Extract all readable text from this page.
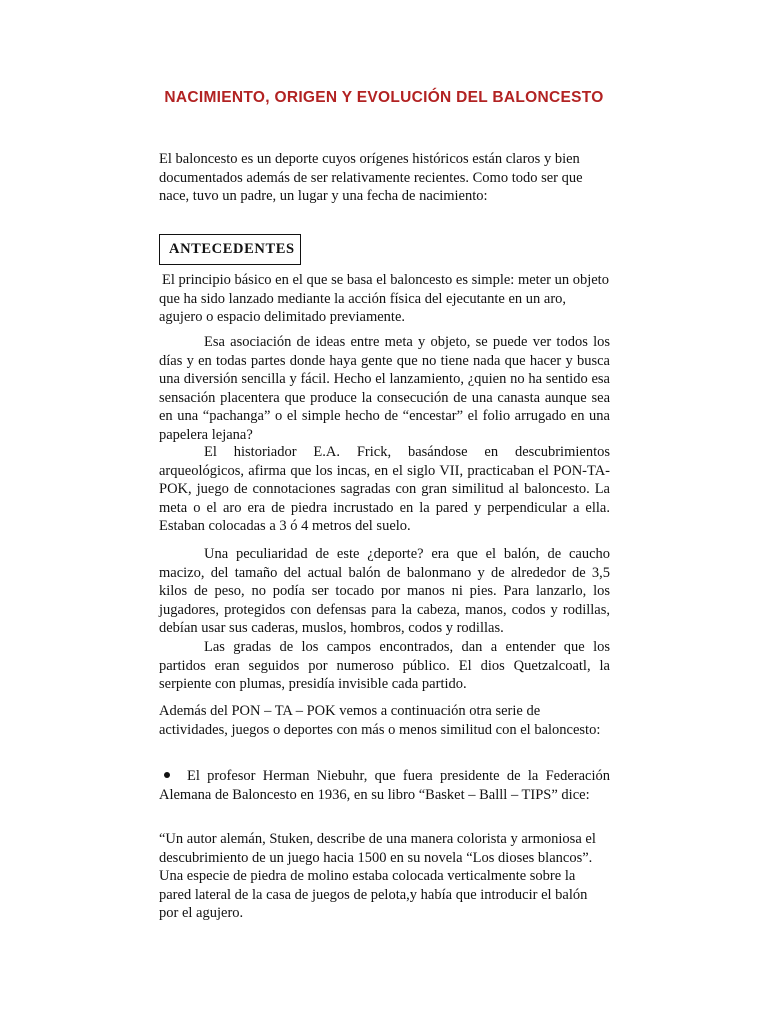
NACIMIENTO, ORIGEN Y EVOLUCIÓN DEL BALONCESTO

El baloncesto es un deporte cuyos orígenes históricos están claros y bien documentados además de ser relativamente recientes. Como todo ser que nace, tuvo un padre, un lugar y una fecha de nacimiento:

ANTECEDENTES

El principio básico en el que se basa el baloncesto es simple: meter un objeto que ha sido lanzado mediante la acción física del ejecutante en un aro, agujero o espacio delimitado previamente.

Esa asociación de ideas entre meta y objeto, se puede ver todos los días y en todas partes donde haya gente que no tiene nada que hacer y busca una diversión sencilla y fácil. Hecho el lanzamiento, ¿quien no ha sentido esa sensación placentera que produce la consecución de una canasta aunque sea en una “pachanga” o el simple hecho de “encestar” el folio arrugado en una papelera lejana?

El historiador E.A. Frick, basándose en descubrimientos arqueológicos, afirma que los incas, en el siglo VII, practicaban el PON-TA-POK, juego de connotaciones sagradas con gran similitud al baloncesto. La meta o el aro era de piedra incrustado en la pared y perpendicular a ella. Estaban colocadas a 3 ó 4 metros del suelo.

Una peculiaridad de este ¿deporte? era que el balón, de caucho macizo, del tamaño del actual balón de balonmano y de alrededor de 3,5 kilos de peso, no podía ser tocado por manos ni pies. Para lanzarlo, los jugadores, protegidos con defensas para la cabeza, manos, codos y rodillas, debían usar sus caderas, muslos, hombros, codos y rodillas.

Las gradas de los campos encontrados, dan a entender que los partidos eran seguidos por numeroso público. El dios Quetzalcoatl, la serpiente con plumas, presidía invisible cada partido.

Además del PON – TA – POK vemos a continuación otra serie de actividades, juegos o deportes con más o menos similitud con el baloncesto:

El profesor Herman Niebuhr, que fuera presidente de la Federación Alemana de Baloncesto en 1936, en su libro “Basket – Balll – TIPS” dice:

“Un autor alemán, Stuken, describe de una manera colorista y armoniosa el descubrimiento de un juego hacia 1500 en su novela “Los dioses blancos”. Una especie de piedra de molino estaba colocada verticalmente sobre la pared lateral de la casa de juegos de pelota,y había que introducir el balón por el agujero.
